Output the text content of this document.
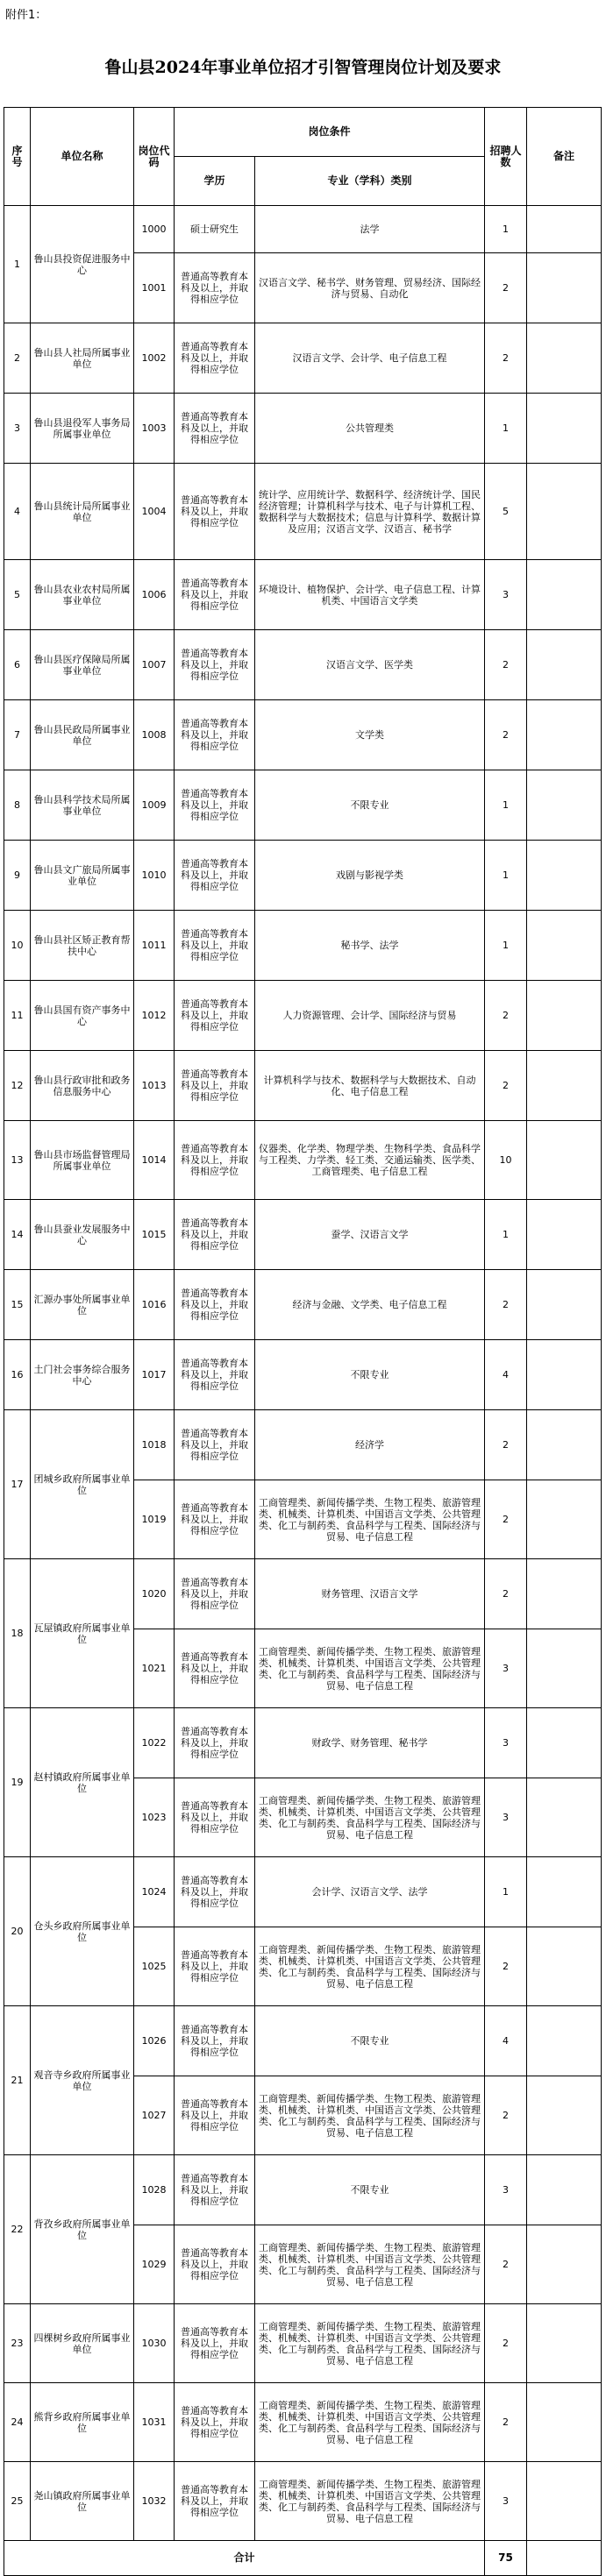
附件1：
鲁山县2024年事业单位招才引智管理岗位计划及要求
序号	单位名称	岗位代码	岗位条件		招聘人数	备注
			学历	专业（学科）类别		
1	鲁山县投资促进服务中心	1000	硕士研究生	法学	1	
		1001	普通高等教育本科及以上，并取得相应学位	汉语言文学、秘书学、财务管理、贸易经济、国际经济与贸易、自动化	2	
2	鲁山县人社局所属事业单位	1002	普通高等教育本科及以上，并取得相应学位	汉语言文学、会计学、电子信息工程	2	
3	鲁山县退役军人事务局所属事业单位	1003	普通高等教育本科及以上，并取得相应学位	公共管理类	1	
4	鲁山县统计局所属事业单位	1004	普通高等教育本科及以上，并取得相应学位	统计学、应用统计学、数据科学、经济统计学、国民经济管理；计算机科学与技术、电子与计算机工程、数据科学与大数据技术；信息与计算科学、数据计算及应用；汉语言文学、汉语言、秘书学	5	
5	鲁山县农业农村局所属事业单位	1006	普通高等教育本科及以上，并取得相应学位	环境设计、植物保护、会计学、电子信息工程、计算机类、中国语言文学类	3	
6	鲁山县医疗保障局所属事业单位	1007	普通高等教育本科及以上，并取得相应学位	汉语言文学、医学类	2	
7	鲁山县民政局所属事业单位	1008	普通高等教育本科及以上，并取得相应学位	文学类	2	
8	鲁山县科学技术局所属事业单位	1009	普通高等教育本科及以上，并取得相应学位	不限专业	1	
9	鲁山县文广旅局所属事业单位	1010	普通高等教育本科及以上，并取得相应学位	戏剧与影视学类	1	
10	鲁山县社区矫正教育帮扶中心	1011	普通高等教育本科及以上，并取得相应学位	秘书学、法学	1	
11	鲁山县国有资产事务中心	1012	普通高等教育本科及以上，并取得相应学位	人力资源管理、会计学、国际经济与贸易	2	
12	鲁山县行政审批和政务信息服务中心	1013	普通高等教育本科及以上，并取得相应学位	计算机科学与技术、数据科学与大数据技术、自动化、电子信息工程	2	
13	鲁山县市场监督管理局所属事业单位	1014	普通高等教育本科及以上，并取得相应学位	仪器类、化学类、物理学类、生物科学类、食品科学与工程类、力学类、轻工类、交通运输类、医学类、工商管理类、电子信息工程	10	
14	鲁山县蚕业发展服务中心	1015	普通高等教育本科及以上，并取得相应学位	蚕学、汉语言文学	1	
15	汇源办事处所属事业单位	1016	普通高等教育本科及以上，并取得相应学位	经济与金融、文学类、电子信息工程	2	
16	土门社会事务综合服务中心	1017	普通高等教育本科及以上，并取得相应学位	不限专业	4	
17	团城乡政府所属事业单位	1018	普通高等教育本科及以上，并取得相应学位	经济学	2	
		1019	普通高等教育本科及以上，并取得相应学位	工商管理类、新闻传播学类、生物工程类、旅游管理类、机械类、计算机类、中国语言文学类、公共管理类、化工与制药类、食品科学与工程类、国际经济与贸易、电子信息工程	2	
18	瓦屋镇政府所属事业单位	1020	普通高等教育本科及以上，并取得相应学位	财务管理、汉语言文学	2	
		1021	普通高等教育本科及以上，并取得相应学位	工商管理类、新闻传播学类、生物工程类、旅游管理类、机械类、计算机类、中国语言文学类、公共管理类、化工与制药类、食品科学与工程类、国际经济与贸易、电子信息工程	3	
19	赵村镇政府所属事业单位	1022	普通高等教育本科及以上，并取得相应学位	财政学、财务管理、秘书学	3	
		1023	普通高等教育本科及以上，并取得相应学位	工商管理类、新闻传播学类、生物工程类、旅游管理类、机械类、计算机类、中国语言文学类、公共管理类、化工与制药类、食品科学与工程类、国际经济与贸易、电子信息工程	3	
20	仓头乡政府所属事业单位	1024	普通高等教育本科及以上，并取得相应学位	会计学、汉语言文学、法学	1	
		1025	普通高等教育本科及以上，并取得相应学位	工商管理类、新闻传播学类、生物工程类、旅游管理类、机械类、计算机类、中国语言文学类、公共管理类、化工与制药类、食品科学与工程类、国际经济与贸易、电子信息工程	2	
21	观音寺乡政府所属事业单位	1026	普通高等教育本科及以上，并取得相应学位	不限专业	4	
		1027	普通高等教育本科及以上，并取得相应学位	工商管理类、新闻传播学类、生物工程类、旅游管理类、机械类、计算机类、中国语言文学类、公共管理类、化工与制药类、食品科学与工程类、国际经济与贸易、电子信息工程	2	
22	背孜乡政府所属事业单位	1028	普通高等教育本科及以上，并取得相应学位	不限专业	3	
		1029	普通高等教育本科及以上，并取得相应学位	工商管理类、新闻传播学类、生物工程类、旅游管理类、机械类、计算机类、中国语言文学类、公共管理类、化工与制药类、食品科学与工程类、国际经济与贸易、电子信息工程	2	
23	四棵树乡政府所属事业单位	1030	普通高等教育本科及以上，并取得相应学位	工商管理类、新闻传播学类、生物工程类、旅游管理类、机械类、计算机类、中国语言文学类、公共管理类、化工与制药类、食品科学与工程类、国际经济与贸易、电子信息工程	2	
24	熊背乡政府所属事业单位	1031	普通高等教育本科及以上，并取得相应学位	工商管理类、新闻传播学类、生物工程类、旅游管理类、机械类、计算机类、中国语言文学类、公共管理类、化工与制药类、食品科学与工程类、国际经济与贸易、电子信息工程	2	
25	尧山镇政府所属事业单位	1032	普通高等教育本科及以上，并取得相应学位	工商管理类、新闻传播学类、生物工程类、旅游管理类、机械类、计算机类、中国语言文学类、公共管理类、化工与制药类、食品科学与工程类、国际经济与贸易、电子信息工程	3	
合计					75	
